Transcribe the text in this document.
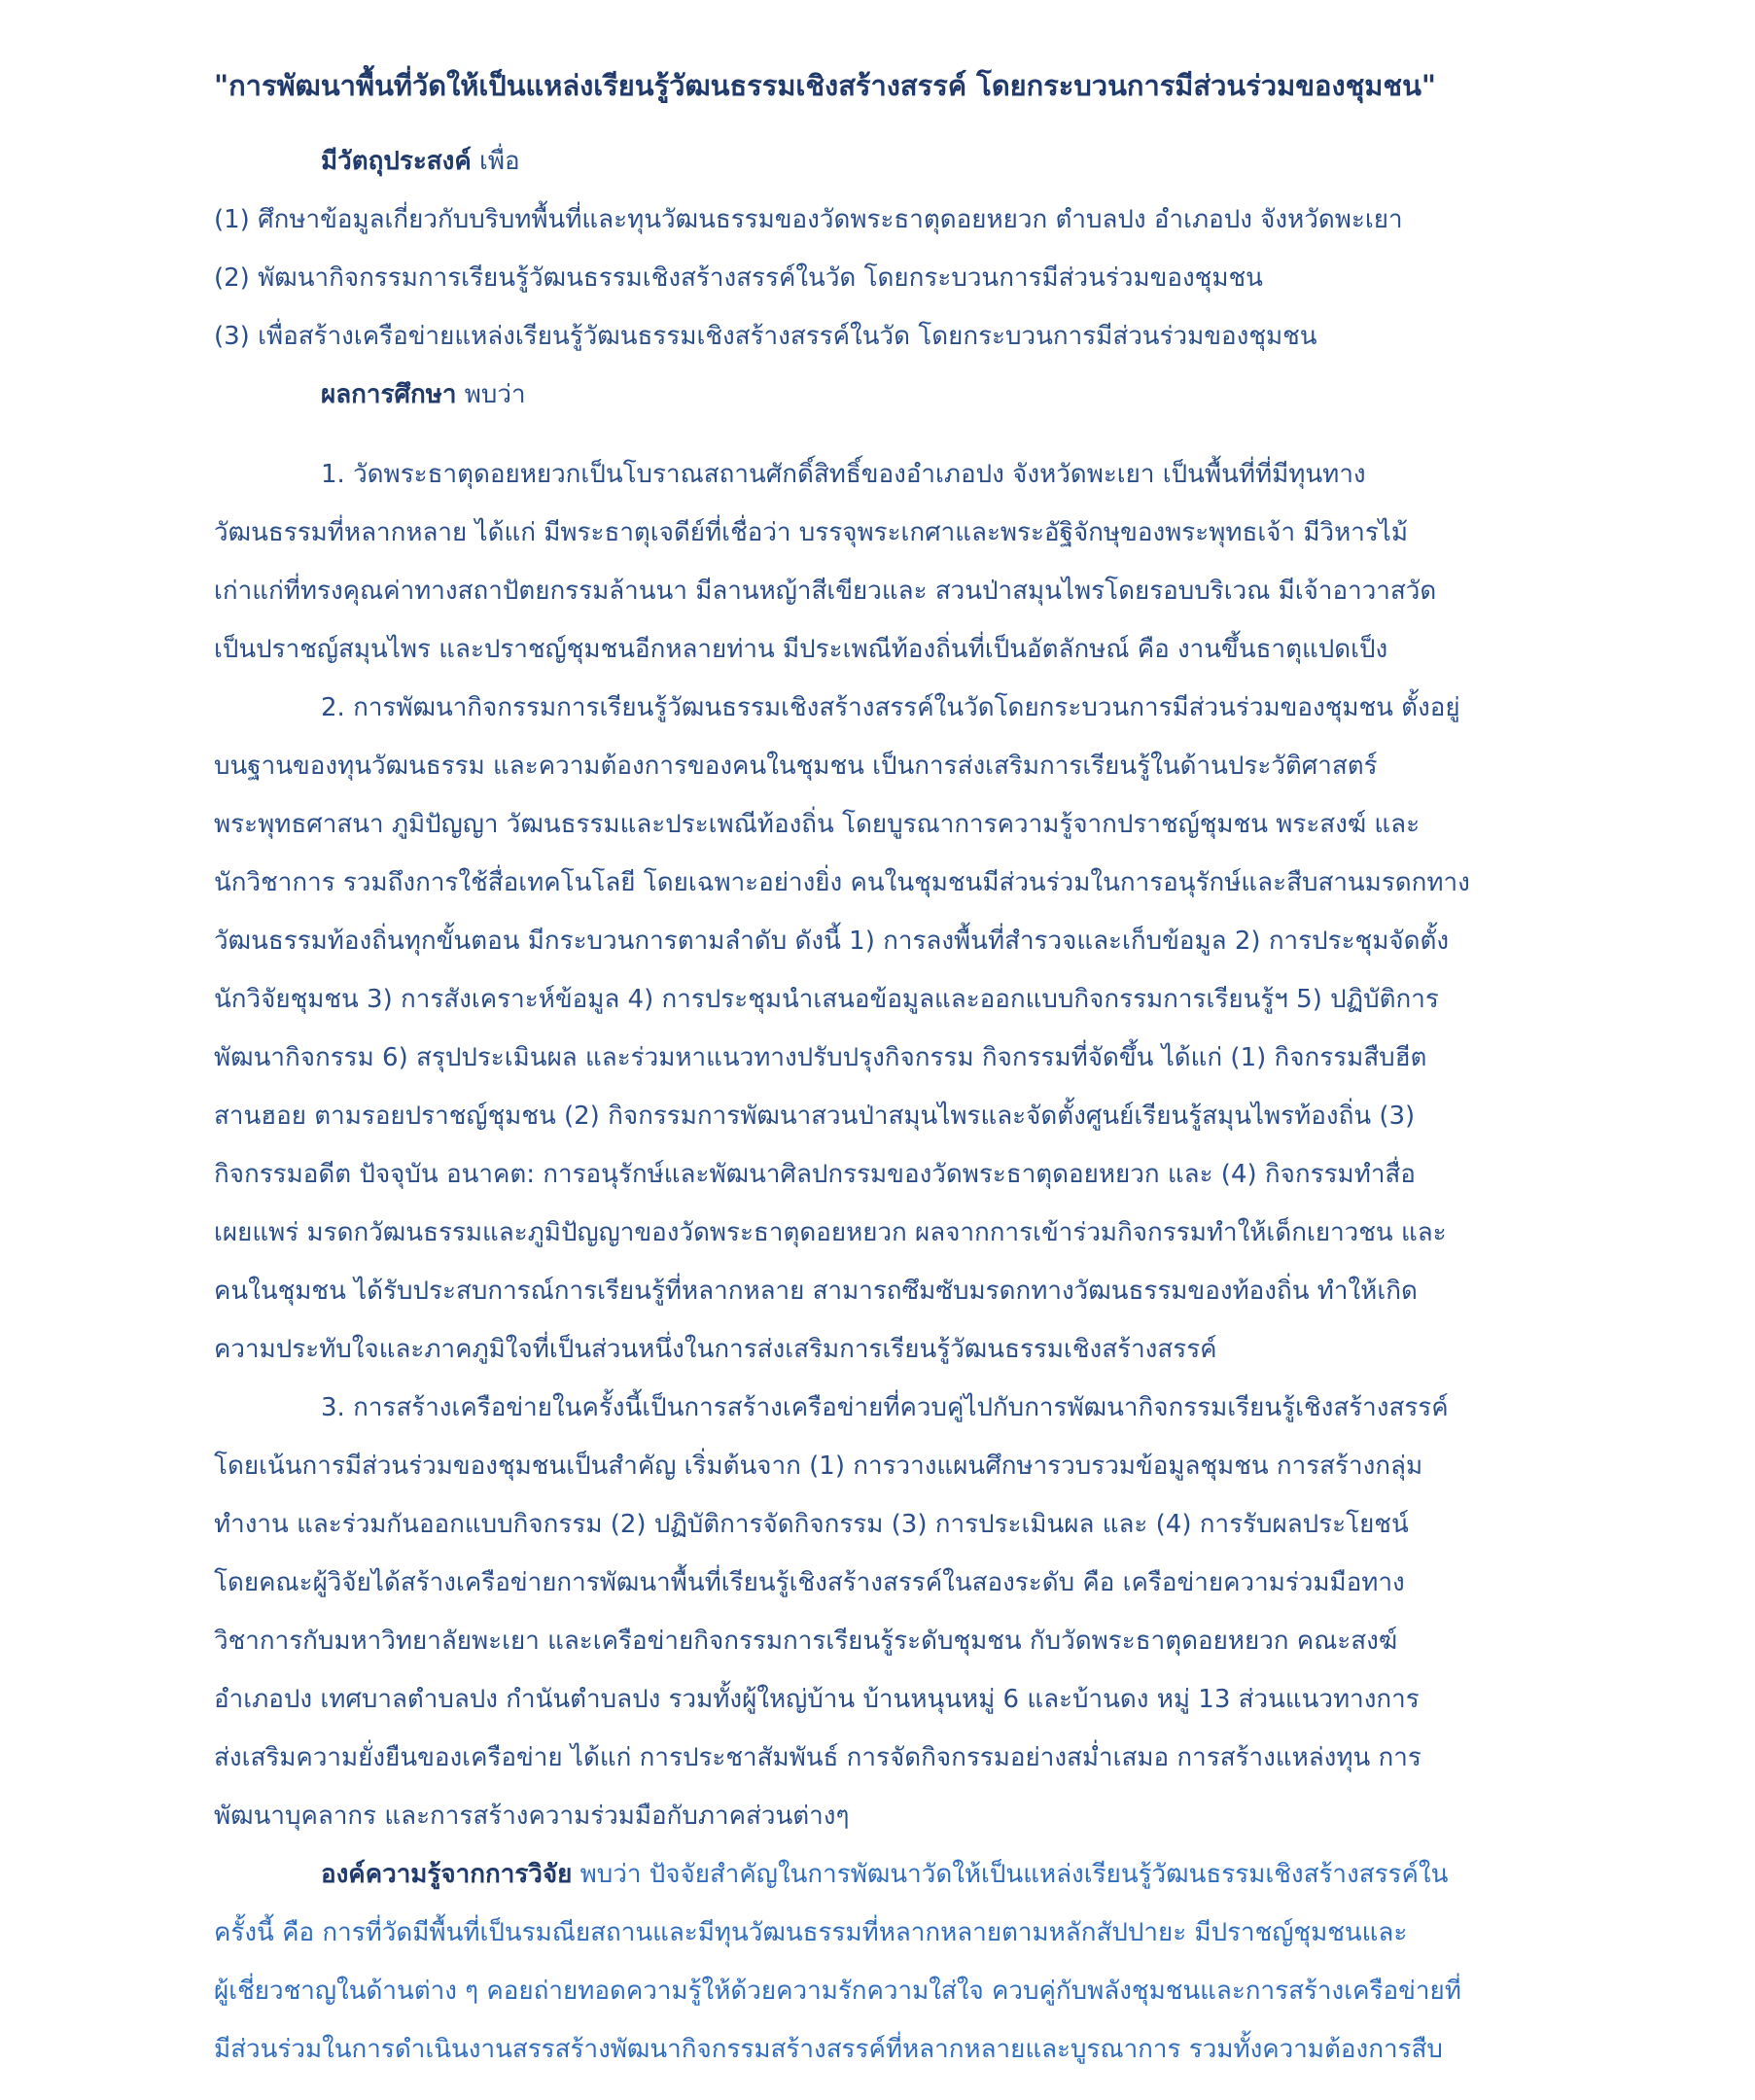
"การพัฒนาพื้นที่วัดให้เป็นแหล่งเรียนรู้วัฒนธรรมเชิงสร้างสรรค์ โดยกระบวนการมีส่วนร่วมของชุมชน"
มีวัตถุประสงค์ เพื่อ
(1) ศึกษาข้อมูลเกี่ยวกับบริบทพื้นที่และทุนวัฒนธรรมของวัดพระธาตุดอยหยวก ตำบลปง อำเภอปง จังหวัดพะเยา
(2) พัฒนากิจกรรมการเรียนรู้วัฒนธรรมเชิงสร้างสรรค์ในวัด โดยกระบวนการมีส่วนร่วมของชุมชน
(3) เพื่อสร้างเครือข่ายแหล่งเรียนรู้วัฒนธรรมเชิงสร้างสรรค์ในวัด โดยกระบวนการมีส่วนร่วมของชุมชน
ผลการศึกษา พบว่า
1. วัดพระธาตุดอยหยวกเป็นโบราณสถานศักดิ์สิทธิ์ของอำเภอปง จังหวัดพะเยา เป็นพื้นที่ที่มีทุนทาง
วัฒนธรรมที่หลากหลาย ได้แก่ มีพระธาตุเจดีย์ที่เชื่อว่า บรรจุพระเกศาและพระอัฐิจักษุของพระพุทธเจ้า มีวิหารไม้
เก่าแก่ที่ทรงคุณค่าทางสถาปัตยกรรมล้านนา มีลานหญ้าสีเขียวและ สวนป่าสมุนไพรโดยรอบบริเวณ มีเจ้าอาวาสวัด
เป็นปราชญ์สมุนไพร และปราชญ์ชุมชนอีกหลายท่าน มีประเพณีท้องถิ่นที่เป็นอัตลักษณ์ คือ งานขึ้นธาตุแปดเป็ง
2. การพัฒนากิจกรรมการเรียนรู้วัฒนธรรมเชิงสร้างสรรค์ในวัดโดยกระบวนการมีส่วนร่วมของชุมชน ตั้งอยู่
บนฐานของทุนวัฒนธรรม และความต้องการของคนในชุมชน เป็นการส่งเสริมการเรียนรู้ในด้านประวัติศาสตร์
พระพุทธศาสนา ภูมิปัญญา วัฒนธรรมและประเพณีท้องถิ่น โดยบูรณาการความรู้จากปราชญ์ชุมชน พระสงฆ์ และ
นักวิชาการ รวมถึงการใช้สื่อเทคโนโลยี โดยเฉพาะอย่างยิ่ง คนในชุมชนมีส่วนร่วมในการอนุรักษ์และสืบสานมรดกทาง
วัฒนธรรมท้องถิ่นทุกขั้นตอน มีกระบวนการตามลำดับ ดังนี้ 1) การลงพื้นที่สำรวจและเก็บข้อมูล 2) การประชุมจัดตั้ง
นักวิจัยชุมชน 3) การสังเคราะห์ข้อมูล 4) การประชุมนำเสนอข้อมูลและออกแบบกิจกรรมการเรียนรู้ฯ 5) ปฏิบัติการ
พัฒนากิจกรรม 6) สรุปประเมินผล และร่วมหาแนวทางปรับปรุงกิจกรรม กิจกรรมที่จัดขึ้น ได้แก่ (1) กิจกรรมสืบฮีต
สานฮอย ตามรอยปราชญ์ชุมชน (2) กิจกรรมการพัฒนาสวนป่าสมุนไพรและจัดตั้งศูนย์เรียนรู้สมุนไพรท้องถิ่น (3)
กิจกรรมอดีต ปัจจุบัน อนาคต: การอนุรักษ์และพัฒนาศิลปกรรมของวัดพระธาตุดอยหยวก และ (4) กิจกรรมทำสื่อ
เผยแพร่ มรดกวัฒนธรรมและภูมิปัญญาของวัดพระธาตุดอยหยวก ผลจากการเข้าร่วมกิจกรรมทำให้เด็กเยาวชน และ
คนในชุมชน ได้รับประสบการณ์การเรียนรู้ที่หลากหลาย สามารถซึมซับมรดกทางวัฒนธรรมของท้องถิ่น ทำให้เกิด
ความประทับใจและภาคภูมิใจที่เป็นส่วนหนึ่งในการส่งเสริมการเรียนรู้วัฒนธรรมเชิงสร้างสรรค์
3. การสร้างเครือข่ายในครั้งนี้เป็นการสร้างเครือข่ายที่ควบคู่ไปกับการพัฒนากิจกรรมเรียนรู้เชิงสร้างสรรค์
โดยเน้นการมีส่วนร่วมของชุมชนเป็นสำคัญ เริ่มต้นจาก (1) การวางแผนศึกษารวบรวมข้อมูลชุมชน การสร้างกลุ่ม
ทำงาน และร่วมกันออกแบบกิจกรรม (2) ปฏิบัติการจัดกิจกรรม (3) การประเมินผล และ (4) การรับผลประโยชน์
โดยคณะผู้วิจัยได้สร้างเครือข่ายการพัฒนาพื้นที่เรียนรู้เชิงสร้างสรรค์ในสองระดับ คือ เครือข่ายความร่วมมือทาง
วิชาการกับมหาวิทยาลัยพะเยา และเครือข่ายกิจกรรมการเรียนรู้ระดับชุมชน กับวัดพระธาตุดอยหยวก คณะสงฆ์
อำเภอปง เทศบาลตำบลปง กำนันตำบลปง รวมทั้งผู้ใหญ่บ้าน บ้านหนุนหมู่ 6 และบ้านดง หมู่ 13 ส่วนแนวทางการ
ส่งเสริมความยั่งยืนของเครือข่าย ได้แก่ การประชาสัมพันธ์ การจัดกิจกรรมอย่างสม่ำเสมอ การสร้างแหล่งทุน การ
พัฒนาบุคลากร และการสร้างความร่วมมือกับภาคส่วนต่างๆ
องค์ความรู้จากการวิจัย พบว่า ปัจจัยสำคัญในการพัฒนาวัดให้เป็นแหล่งเรียนรู้วัฒนธรรมเชิงสร้างสรรค์ใน
ครั้งนี้ คือ การที่วัดมีพื้นที่เป็นรมณียสถานและมีทุนวัฒนธรรมที่หลากหลายตามหลักสัปปายะ มีปราชญ์ชุมชนและ
ผู้เชี่ยวชาญในด้านต่าง ๆ คอยถ่ายทอดความรู้ให้ด้วยความรักความใส่ใจ ควบคู่กับพลังชุมชนและการสร้างเครือข่ายที่
มีส่วนร่วมในการดำเนินงานสรรสร้างพัฒนากิจกรรมสร้างสรรค์ที่หลากหลายและบูรณาการ รวมทั้งความต้องการสืบ
